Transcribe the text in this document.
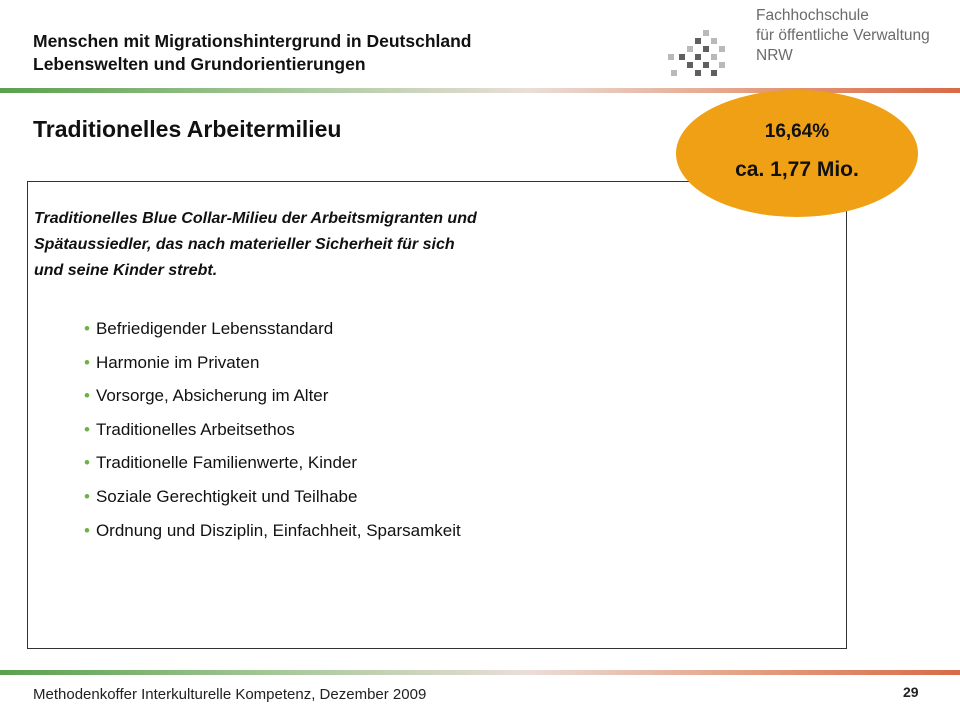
Menschen mit Migrationshintergrund in Deutschland
Lebenswelten und Grundorientierungen
Fachhochschule
für öffentliche Verwaltung
NRW
Traditionelles Arbeitermilieu
Traditionelles Blue Collar-Milieu der Arbeitsmigranten und
Spätaussiedler, das nach materieller Sicherheit für sich
und seine Kinder strebt.
• Befriedigender Lebensstandard
• Harmonie im Privaten
• Vorsorge, Absicherung im Alter
• Traditionelles Arbeitsethos
• Traditionelle Familienwerte, Kinder
• Soziale Gerechtigkeit und Teilhabe
• Ordnung und Disziplin, Einfachheit, Sparsamkeit
16,64%
ca. 1,77 Mio.
Methodenkoffer Interkulturelle Kompetenz, Dezember 2009	29
